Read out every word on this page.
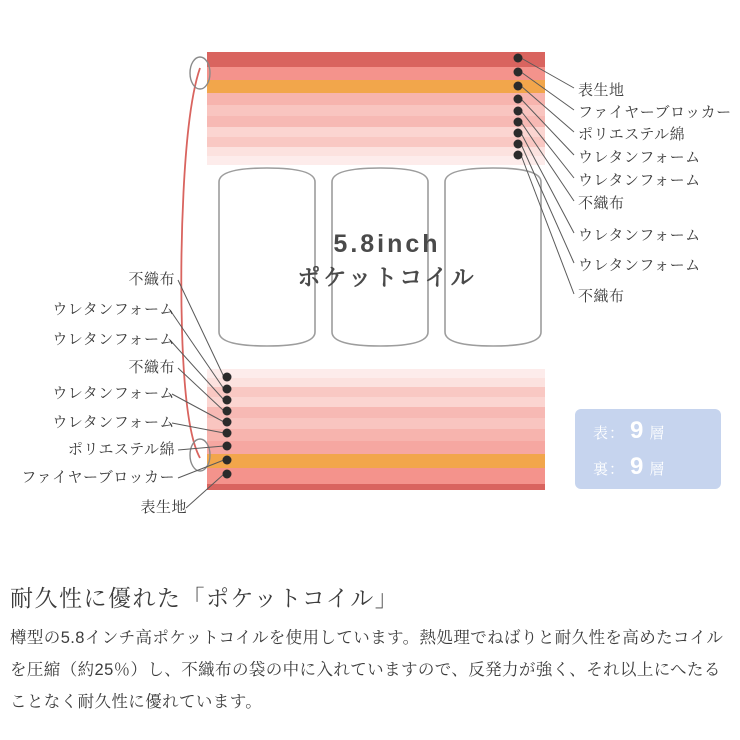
5.8inch
ポケットコイル
表生地
ファイヤーブロッカー
ポリエステル綿
ウレタンフォーム
ウレタンフォーム
不織布
ウレタンフォーム
ウレタンフォーム
不織布
不織布
ウレタンフォーム
ウレタンフォーム
不織布
ウレタンフォーム
ウレタンフォーム
ポリエステル綿
ファイヤーブロッカー
表生地
表： 9 層
裏： 9 層
耐久性に優れた「ポケットコイル」
樽型の5.8インチ高ポケットコイルを使用しています。熱処理でねばりと耐久性を高めたコイルを圧縮（約25％）し、不織布の袋の中に入れていますので、反発力が強く、それ以上にへたることなく耐久性に優れています。
